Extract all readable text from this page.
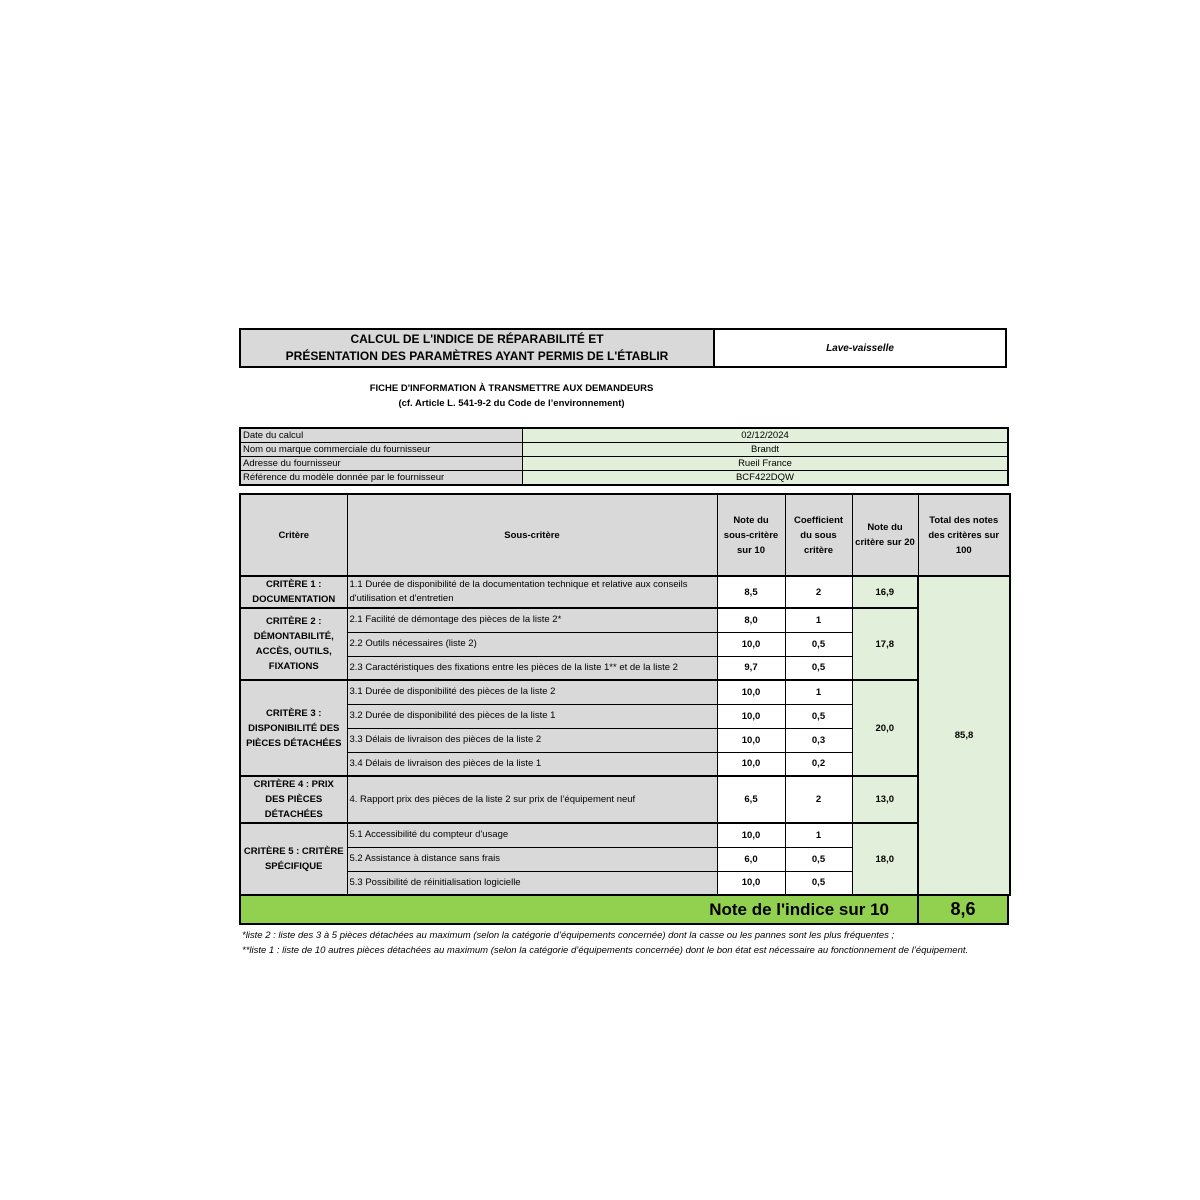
CALCUL DE L'INDICE DE RÉPARABILITÉ ET
PRÉSENTATION DES PARAMÈTRES AYANT PERMIS DE L'ÉTABLIR
Lave-vaisselle
FICHE D'INFORMATION À TRANSMETTRE AUX DEMANDEURS
(cf. Article L. 541-9-2 du Code de l’environnement)
Date du calcul	02/12/2024
Nom ou marque commerciale du fournisseur	Brandt
Adresse du fournisseur	Rueil France
Référence du modèle donnée par le fournisseur	BCF422DQW
Critère	Sous-critère	Note du sous-critère sur 10	Coefficient du sous critère	Note du critère sur 20	Total des notes des critères sur 100
CRITÈRE 1 : DOCUMENTATION	1.1 Durée de disponibilité de la documentation technique et relative aux conseils d'utilisation et d'entretien	8,5	2	16,9	85,8
CRITÈRE 2 : DÉMONTABILITÉ, ACCÈS, OUTILS, FIXATIONS	2.1 Facilité de démontage des pièces de la liste 2*	8,0	1	17,8	
	2.2 Outils nécessaires (liste 2)	10,0	0,5		
	2.3 Caractéristiques des fixations entre les pièces de la liste 1** et de la liste 2	9,7	0,5		
CRITÈRE 3 : DISPONIBILITÉ DES PIÈCES DÉTACHÉES	3.1 Durée de disponibilité des pièces de la liste 2	10,0	1	20,0	
	3.2 Durée de disponibilité des pièces de la liste 1	10,0	0,5		
	3.3 Délais de livraison des pièces de la liste 2	10,0	0,3		
	3.4 Délais de livraison des pièces de la liste 1	10,0	0,2		
CRITÈRE 4 : PRIX DES PIÈCES DÉTACHÉES	4. Rapport prix des pièces de la liste 2 sur prix de l’équipement neuf	6,5	2	13,0	
CRITÈRE 5 : CRITÈRE SPÉCIFIQUE	5.1 Accessibilité du compteur d'usage	10,0	1	18,0	
	5.2 Assistance à distance sans frais	6,0	0,5		
	5.3 Possibilité de réinitialisation logicielle	10,0	0,5		
Note de l'indice sur 10	8,6
*liste 2 : liste des 3 à 5 pièces détachées au maximum (selon la catégorie d’équipements concernée) dont la casse ou les pannes sont les plus fréquentes ;
**liste 1 : liste de 10 autres pièces détachées au maximum (selon la catégorie d’équipements concernée) dont le bon état est nécessaire au fonctionnement de l’équipement.
